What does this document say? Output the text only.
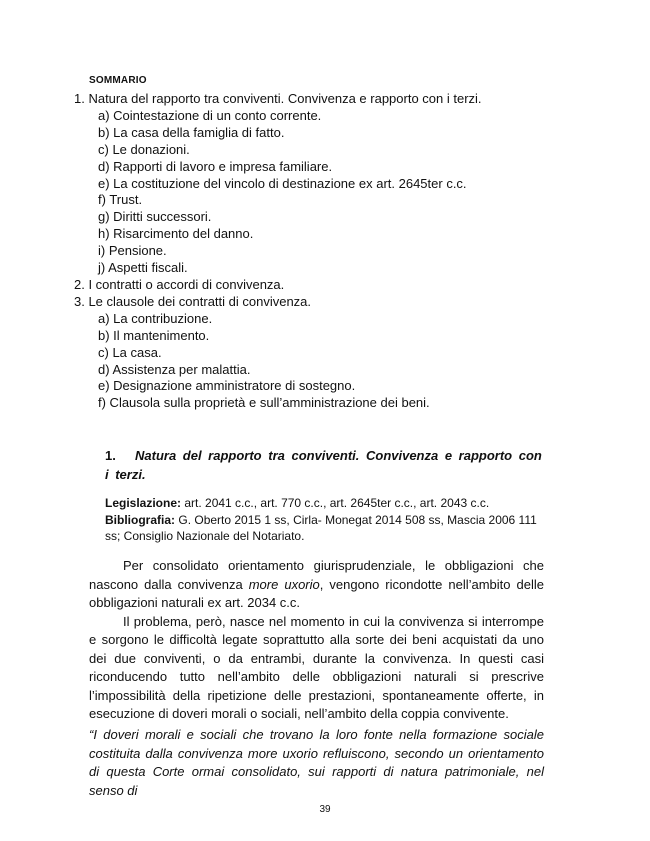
SOMMARIO
1. Natura del rapporto tra conviventi. Convivenza e rapporto con i terzi.
a) Cointestazione di un conto corrente.
b) La casa della famiglia di fatto.
c) Le donazioni.
d) Rapporti di lavoro e impresa familiare.
e) La costituzione del vincolo di destinazione ex art. 2645ter c.c.
f) Trust.
g) Diritti successori.
h) Risarcimento del danno.
i) Pensione.
j) Aspetti fiscali.
2. I contratti o accordi di convivenza.
3. Le clausole dei contratti di convivenza.
a) La contribuzione.
b) Il mantenimento.
c) La casa.
d) Assistenza per malattia.
e) Designazione amministratore di sostegno.
f) Clausola sulla proprietà e sull’amministrazione dei beni.
1. Natura del rapporto tra conviventi. Convivenza e rapporto con i terzi.
Legislazione: art. 2041 c.c., art. 770 c.c., art. 2645ter c.c., art. 2043 c.c.
Bibliografia: G. Oberto 2015 1 ss, Cirla- Monegat 2014 508 ss, Mascia 2006 111 ss; Consiglio Nazionale del Notariato.

Per consolidato orientamento giurisprudenziale, le obbligazioni che nascono dalla convivenza more uxorio, vengono ricondotte nell’ambito delle obbligazioni naturali ex art. 2034 c.c.

Il problema, però, nasce nel momento in cui la convivenza si interrompe e sorgono le difficoltà legate soprattutto alla sorte dei beni acquistati da uno dei due conviventi, o da entrambi, durante la convivenza. In questi casi riconducendo tutto nell’ambito delle obbligazioni naturali si prescrive l’impossibilità della ripetizione delle prestazioni, spontaneamente offerte, in esecuzione di doveri morali o sociali, nell’ambito della coppia convivente.

“I doveri morali e sociali che trovano la loro fonte nella formazione sociale costituita dalla convivenza more uxorio refluiscono, secondo un orientamento di questa Corte ormai consolidato, sui rapporti di natura patrimoniale, nel senso di

39
